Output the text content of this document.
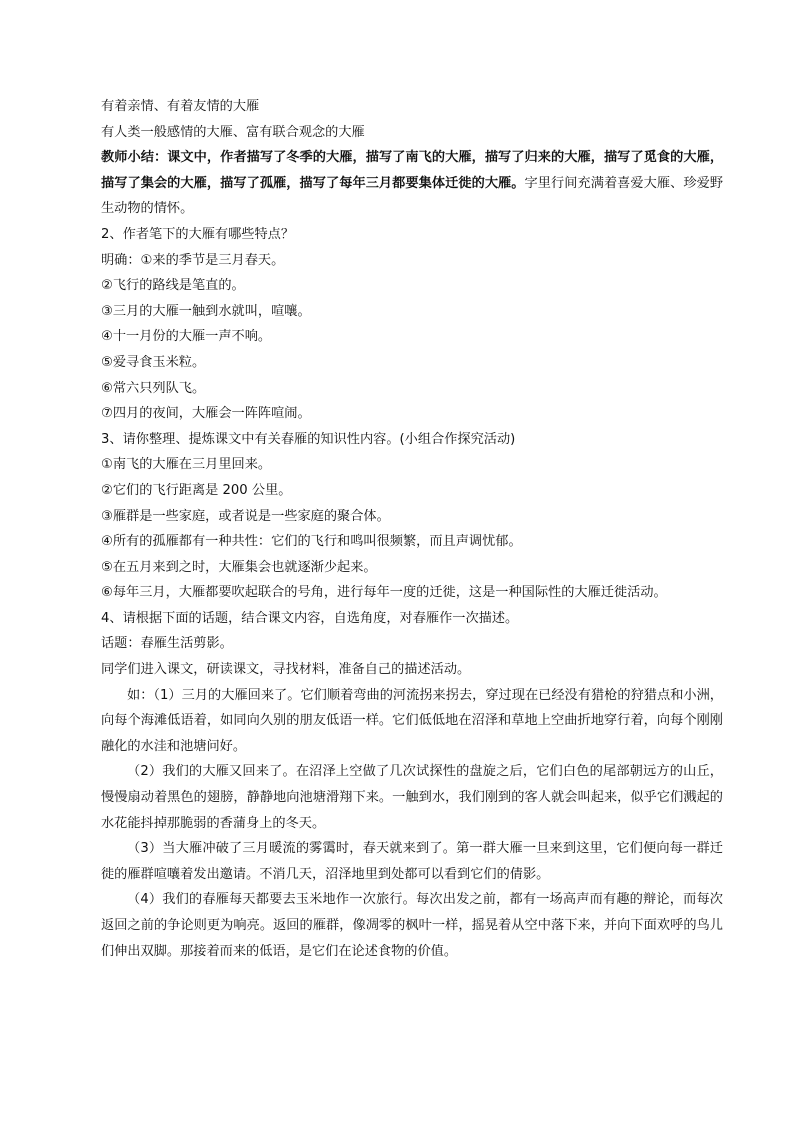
有着亲情、有着友情的大雁

有人类一般感情的大雁、富有联合观念的大雁

教师小结：课文中，作者描写了冬季的大雁，描写了南飞的大雁，描写了归来的大雁，描写了觅食的大雁，描写了集会的大雁，描写了孤雁，描写了每年三月都要集体迁徙的大雁。字里行间充满着喜爱大雁、珍爱野生动物的情怀。

2、作者笔下的大雁有哪些特点？

明确：①来的季节是三月春天。

②飞行的路线是笔直的。

③三月的大雁一触到水就叫，喧嚷。

④十一月份的大雁一声不响。

⑤爱寻食玉米粒。

⑥常六只列队飞。

⑦四月的夜间，大雁会一阵阵喧闹。

3、请你整理、提炼课文中有关春雁的知识性内容。(小组合作探究活动)

①南飞的大雁在三月里回来。

②它们的飞行距离是 200 公里。

③雁群是一些家庭，或者说是一些家庭的聚合体。

④所有的孤雁都有一种共性：它们的飞行和鸣叫很频繁，而且声调忧郁。

⑤在五月来到之时，大雁集会也就逐渐少起来。

⑥每年三月，大雁都要吹起联合的号角，进行每年一度的迁徙，这是一种国际性的大雁迁徙活动。

4、请根据下面的话题，结合课文内容，自选角度，对春雁作一次描述。

话题：春雁生活剪影。

同学们进入课文，研读课文，寻找材料，准备自己的描述活动。

如：（1）三月的大雁回来了。它们顺着弯曲的河流拐来拐去，穿过现在已经没有猎枪的狩猎点和小洲，向每个海滩低语着，如同向久别的朋友低语一样。它们低低地在沼泽和草地上空曲折地穿行着，向每个刚刚融化的水洼和池塘问好。

（2）我们的大雁又回来了。在沼泽上空做了几次试探性的盘旋之后，它们白色的尾部朝远方的山丘，慢慢扇动着黑色的翅膀，静静地向池塘滑翔下来。一触到水，我们刚到的客人就会叫起来，似乎它们溅起的水花能抖掉那脆弱的香蒲身上的冬天。

（3）当大雁冲破了三月暖流的雾霭时，春天就来到了。第一群大雁一旦来到这里，它们便向每一群迁徙的雁群喧嚷着发出邀请。不消几天，沼泽地里到处都可以看到它们的倩影。

（4）我们的春雁每天都要去玉米地作一次旅行。每次出发之前，都有一场高声而有趣的辩论，而每次返回之前的争论则更为响亮。返回的雁群，像凋零的枫叶一样，摇晃着从空中落下来，并向下面欢呼的鸟儿们伸出双脚。那接着而来的低语，是它们在论述食物的价值。
